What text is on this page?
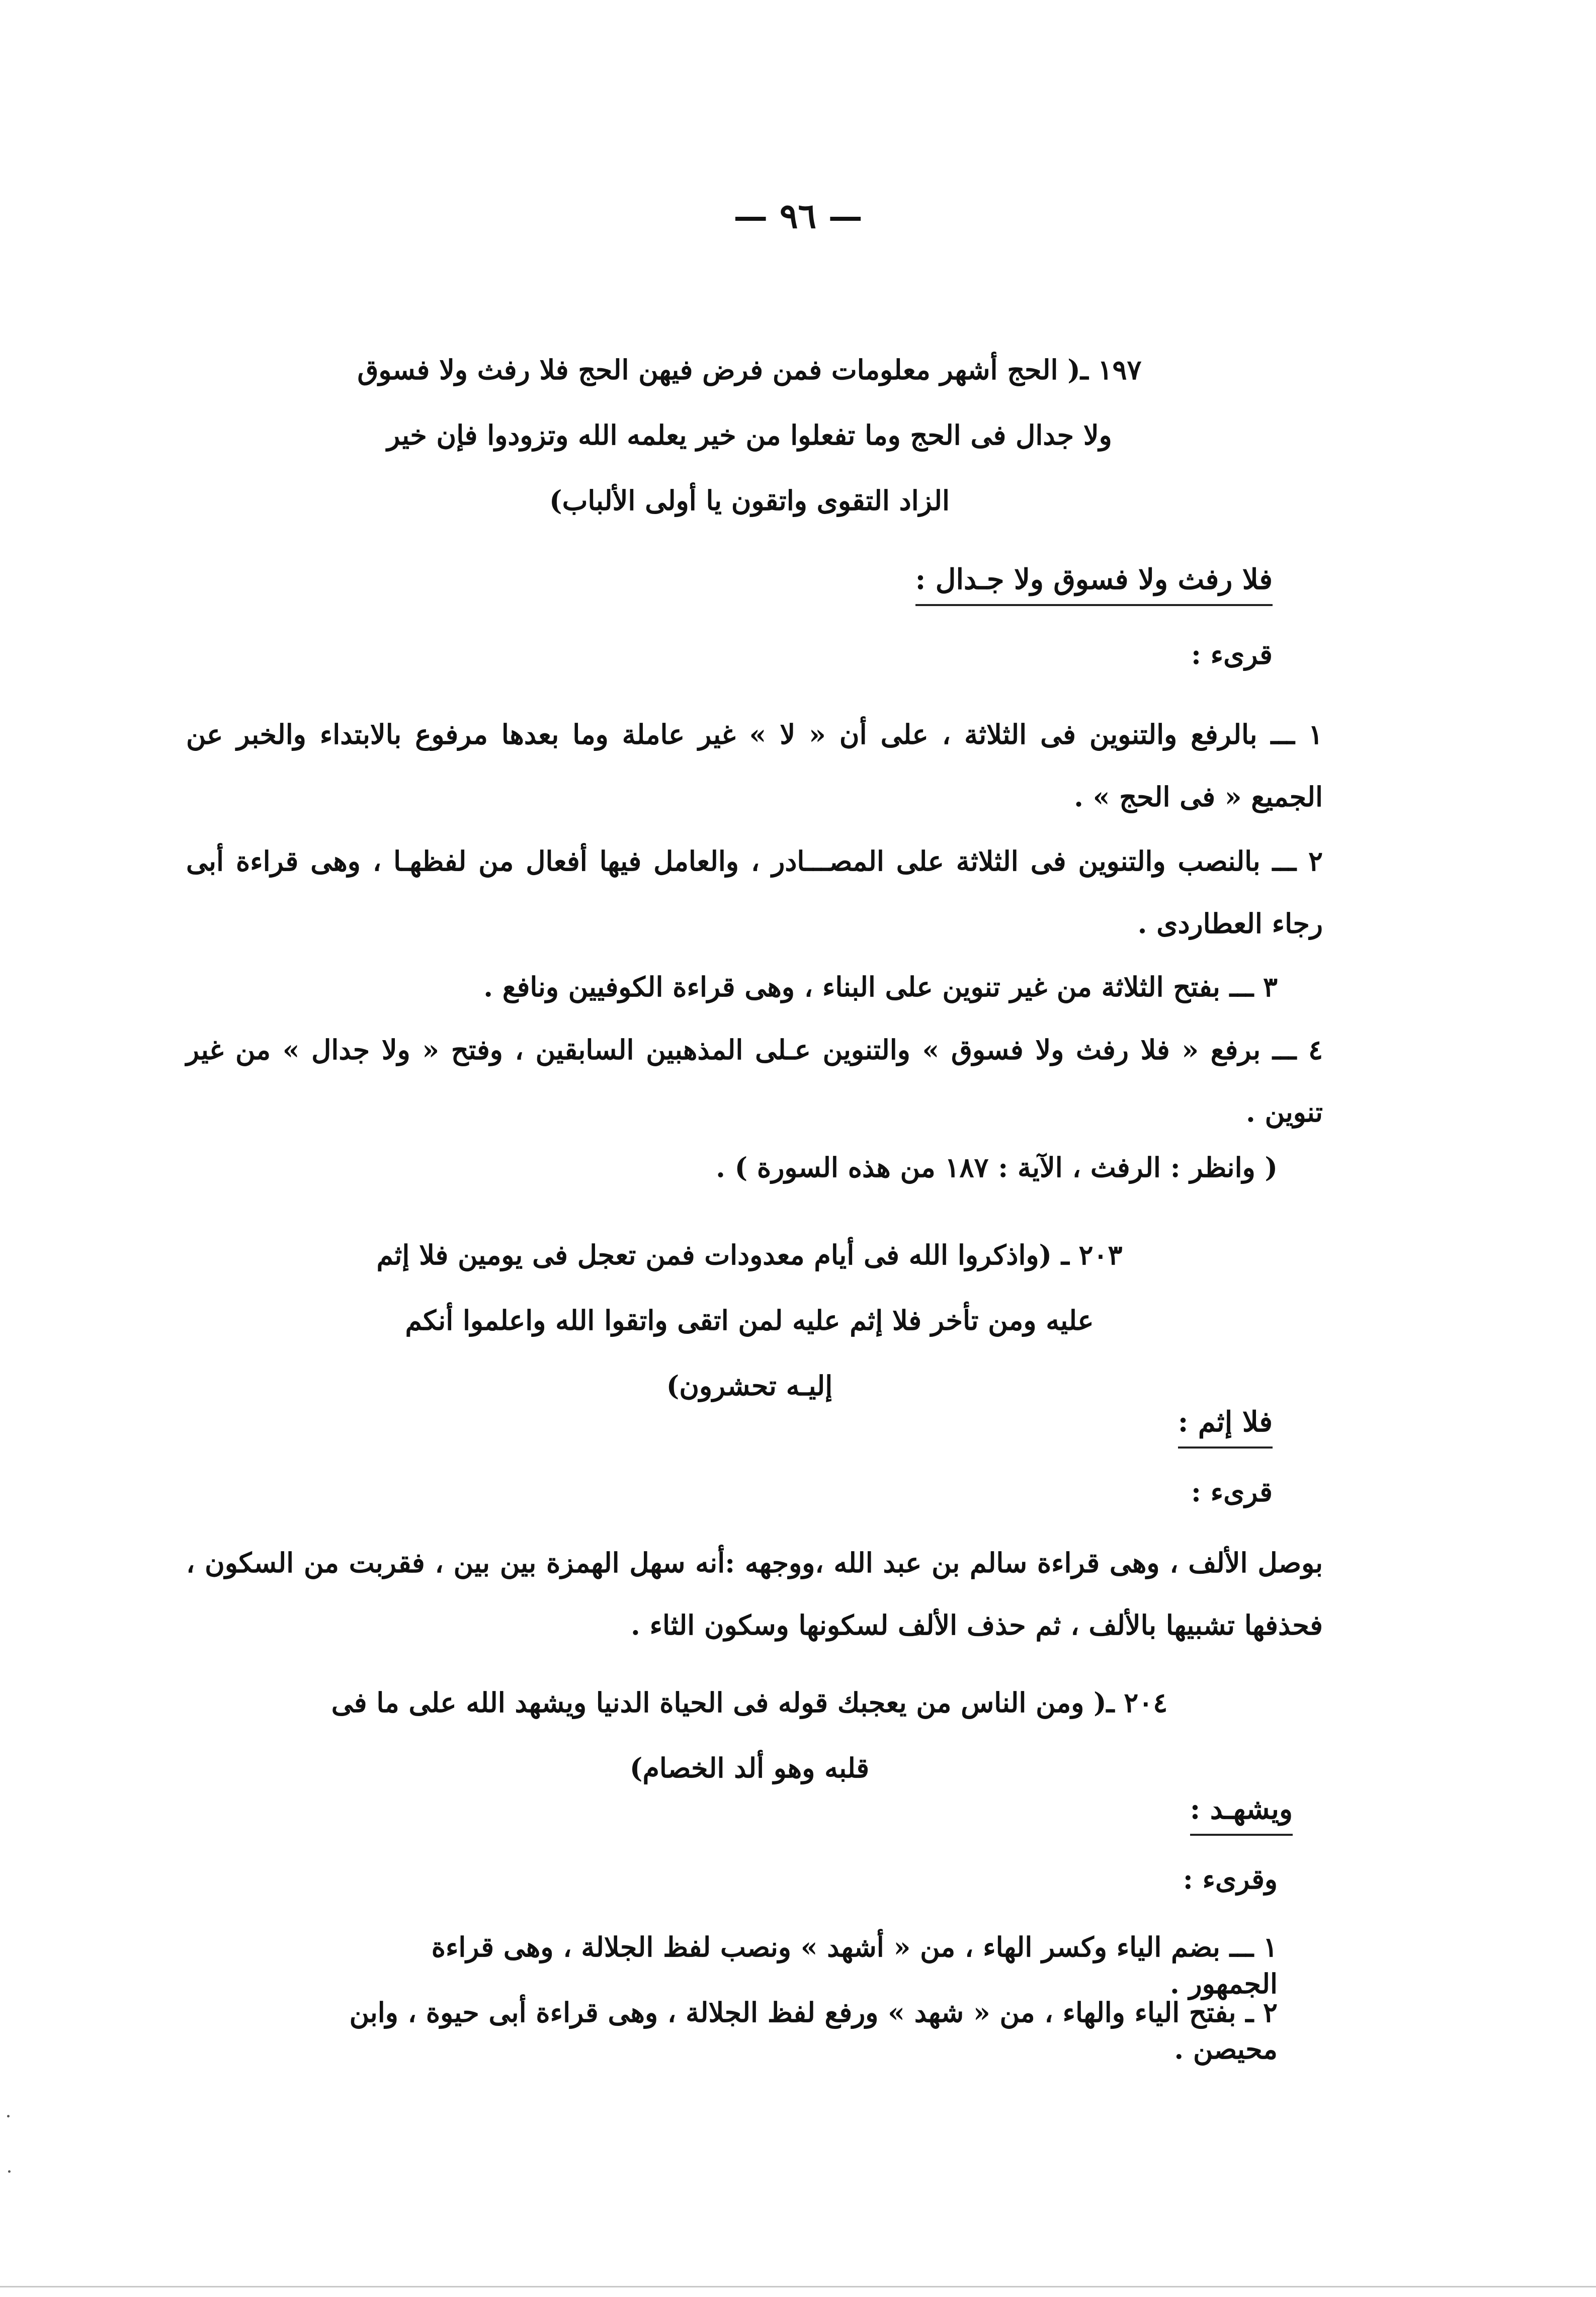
— ٩٦ —
١٩٧ ـ( الحج أشهر معلومات فمن فرض فيهن الحج فلا رفث ولا فسوق
ولا جدال فى الحج وما تفعلوا من خير يعلمه الله وتزودوا فإن خير
الزاد التقوى واتقون يا أولى الألباب)
فلا رفث ولا فسوق ولا جـدال :
قرىء :
١ ـــ بالرفع والتنوين فى الثلاثة ، على أن « لا » غير عاملة وما بعدها مرفوع بالابتداء والخبر عن الجميع « فى الحج » .
٢ ـــ بالنصب والتنوين فى الثلاثة على المصـــادر ، والعامل فيها أفعال من لفظهـا ، وهى قراءة أبى رجاء العطاردى .
٣ ـــ بفتح الثلاثة من غير تنوين على البناء ، وهى قراءة الكوفيين ونافع .
٤ ـــ برفع « فلا رفث ولا فسوق » والتنوين عـلى المذهبين السابقين ، وفتح « ولا جدال » من غير تنوين .
( وانظر : الرفث ، الآية : ١٨٧ من هذه السورة ) .
٢٠٣ ـ (واذكروا الله فى أيام معدودات فمن تعجل فى يومين فلا إثم
عليه ومن تأخر فلا إثم عليه لمن اتقى واتقوا الله واعلموا أنكم
إليـه تحشرون)
فلا إثم :
قرىء :
بوصل الألف ، وهى قراءة سالم بن عبد الله ،ووجهه :أنه سهل الهمزة بين بين ، فقربت من السكون ، فحذفها تشبيها بالألف ، ثم حذف الألف لسكونها وسكون الثاء .
٢٠٤ ـ( ومن الناس من يعجبك قوله فى الحياة الدنيا ويشهد الله على ما فى
قلبه وهو ألد الخصام)
ويشهـد :
وقرىء :
١ ـــ بضم الياء وكسر الهاء ، من « أشهد » ونصب لفظ الجلالة ، وهى قراءة الجمهور .
٢ ـ بفتح الياء والهاء ، من « شهد » ورفع لفظ الجلالة ، وهى قراءة أبى حيوة ، وابن محيصن .
